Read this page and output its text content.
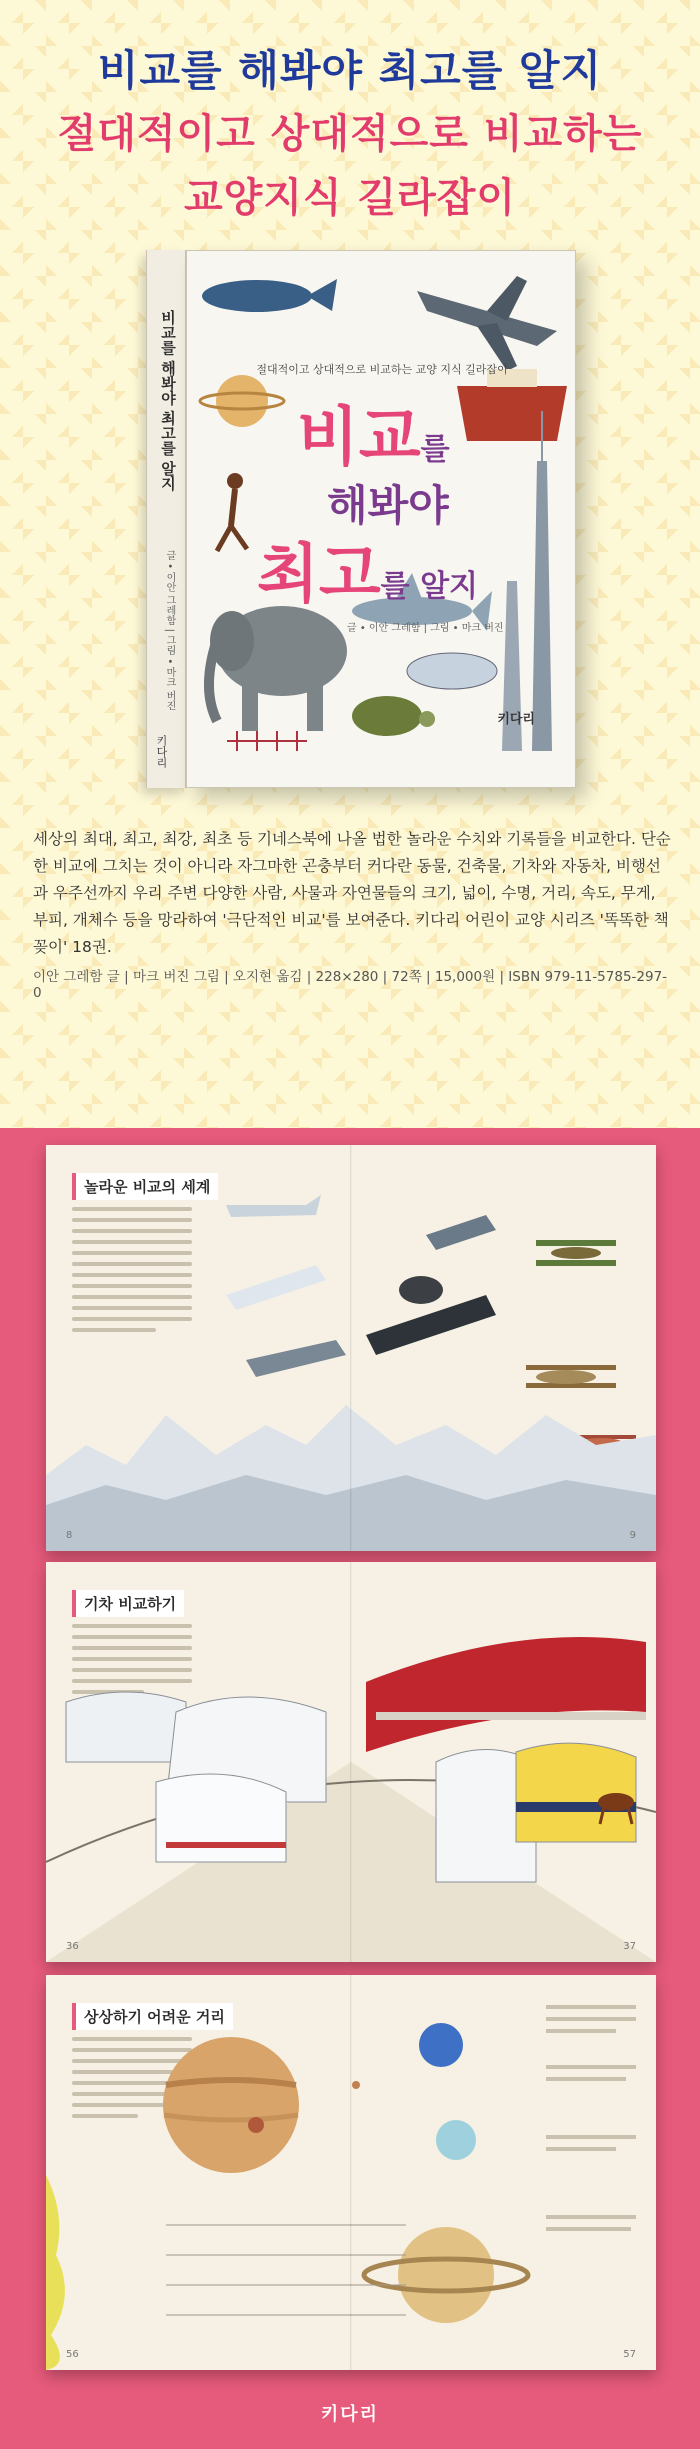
비교를 해봐야 최고를 알지
절대적이고 상대적으로 비교하는
교양지식 길라잡이
비교를 해봐야 최고를 알지
글 • 이안 그레함 | 그림 • 마크 버진
키다리
절대적이고 상대적으로 비교하는 교양 지식 길라잡이
비교를
해봐야
최고를 알지
글 • 이안 그레함 | 그림 • 마크 버진
키다리
세상의 최대, 최고, 최강, 최초 등 기네스북에 나올 법한 놀라운 수치와 기록들을 비교한다. 단순한 비교에 그치는 것이 아니라 자그마한 곤충부터 커다란 동물, 건축물, 기차와 자동차, 비행선과 우주선까지 우리 주변 다양한 사람, 사물과 자연물들의 크기, 넓이, 수명, 거리, 속도, 무게, 부피, 개체수 등을 망라하여 '극단적인 비교'를 보여준다. 키다리 어린이 교양 시리즈 '똑똑한 책꽂이' 18권.
이안 그레함 글 | 마크 버진 그림 | 오지현 옮김 | 228×280 | 72쪽 | 15,000원 | ISBN 979-11-5785-297-0
놀라운 비교의 세계
8	9
기차 비교하기
36	37
상상하기 어려운 거리
56	57
키다리
